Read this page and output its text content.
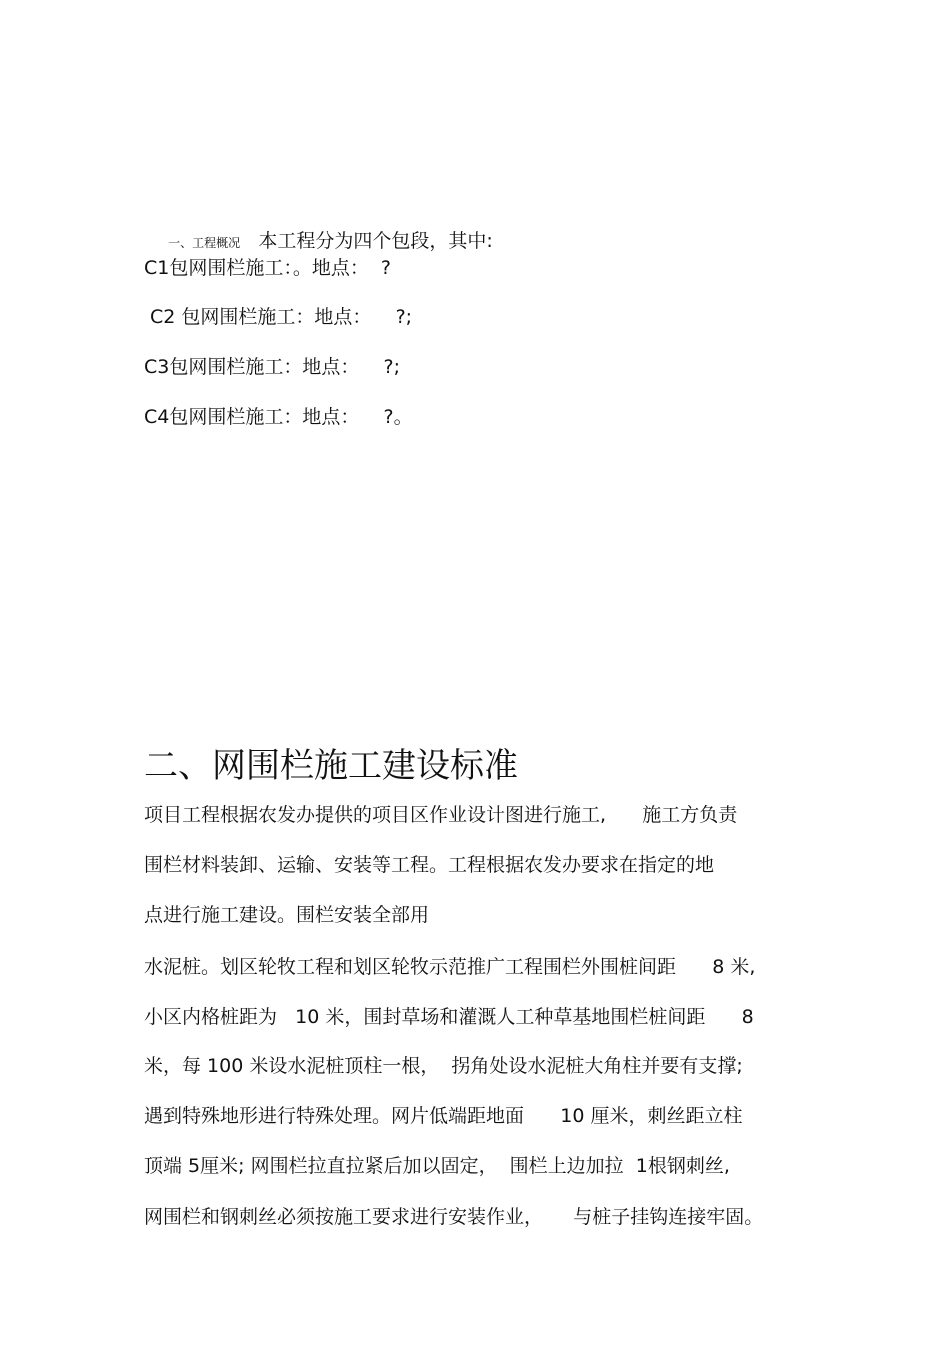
一、工程概况 本工程分为四个包段，其中:

C1包网围栏施工：。地点：  ?
C2 包网围栏施工：地点：    ?;
C3包网围栏施工：地点：    ?;
C4包网围栏施工：地点：    ?。
二、网围栏施工建设标准
项目工程根据农发办提供的项目区作业设计图进行施工,      施工方负责
围栏材料装卸、运输、安装等工程。工程根据农发办要求在指定的地
点进行施工建设。围栏安装全部用
水泥桩。划区轮牧工程和划区轮牧示范推广工程围栏外围桩间距      8 米,
小区内格桩距为   10 米，围封草场和灌溉人工种草基地围栏桩间距      8
米，每 100 米设水泥桩顶柱一根，  拐角处设水泥桩大角柱并要有支撑;
遇到特殊地形进行特殊处理。网片低端距地面      10 厘米，刺丝距立柱
顶端 5厘米; 网围栏拉直拉紧后加以固定，  围栏上边加拉  1根钢刺丝,
网围栏和钢刺丝必须按施工要求进行安装作业，     与桩子挂钩连接牢固。
